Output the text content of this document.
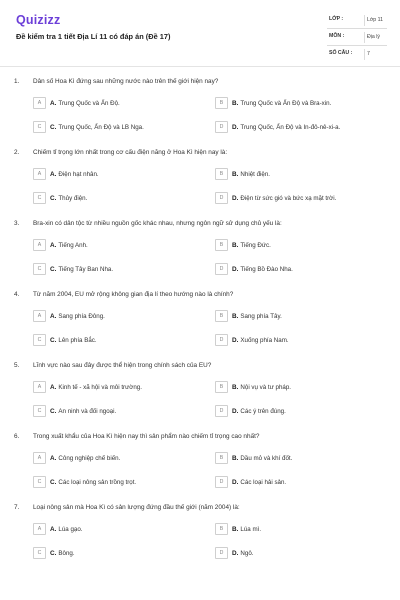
Quizizz
Đề kiểm tra 1 tiết Địa Lí 11 có đáp án (Đề 17)
LỚP :	Lớp 11
MÔN :	Địa lý
SỐ CÂU :	7
1. Dân số Hoa Kì đứng sau những nước nào trên thế giới hiện nay?
A	A. Trung Quốc và Ấn Độ.	B	B. Trung Quốc và Ấn Độ và Bra-xin.
C	C. Trung Quốc, Ấn Độ và LB Nga.	D	D. Trung Quốc, Ấn Độ và In-đô-nê-xi-a.
2. Chiếm tỉ trọng lớn nhất trong cơ cấu điện năng ở Hoa Kì hiện nay là:
A	A. Điện hạt nhân.	B	B. Nhiệt điện.
C	C. Thủy điện.	D	D. Điện từ sức gió và bức xạ mặt trời.
3. Bra-xin có dân tộc từ nhiều nguồn gốc khác nhau, nhưng ngôn ngữ sử dụng chủ yếu là:
A	A. Tiếng Anh.	B	B. Tiếng Đức.
C	C. Tiếng Tây Ban Nha.	D	D. Tiếng Bồ Đào Nha.
4. Từ năm 2004, EU mở rộng không gian địa lí theo hướng nào là chính?
A	A. Sang phía Đông.	B	B. Sang phía Tây.
C	C. Lên phía Bắc.	D	D. Xuống phía Nam.
5. Lĩnh vực nào sau đây được thể hiện trong chính sách của EU?
A	A. Kinh tế - xã hội và môi trường.	B	B. Nội vụ và tư pháp.
C	C. An ninh và đối ngoại.	D	D. Các ý trên đúng.
6. Trong xuất khẩu của Hoa Kì hiện nay thì sản phẩm nào chiếm tỉ trọng cao nhất?
A	A. Công nghiệp chế biến.	B	B. Dầu mỏ và khí đốt.
C	C. Các loại nông sản trồng trọt.	D	D. Các loại hải sản.
7. Loại nông sản mà Hoa Kì có sản lượng đứng đầu thế giới (năm 2004) là:
A	A. Lúa gạo.	B	B. Lúa mì.
C	C. Bông.	D	D. Ngô.
